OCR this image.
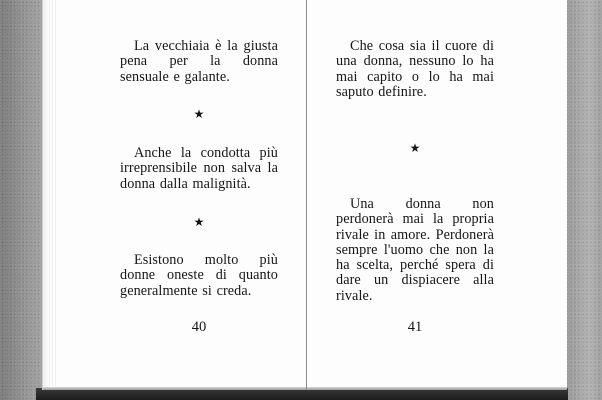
La vecchiaia è la giusta pena per la donna sensuale e galante.

★

Anche la condotta più irreprensibile non salva la donna dalla malignità.

★

Esistono molto più donne oneste di quanto generalmente si creda.

40

Che cosa sia il cuore di una donna, nessuno lo ha mai capito o lo ha mai saputo definire.

★

Una donna non perdonerà mai la propria rivale in amore. Perdonerà sempre l'uomo che non la ha scelta, perché spera di dare un dispiacere alla rivale.

41
